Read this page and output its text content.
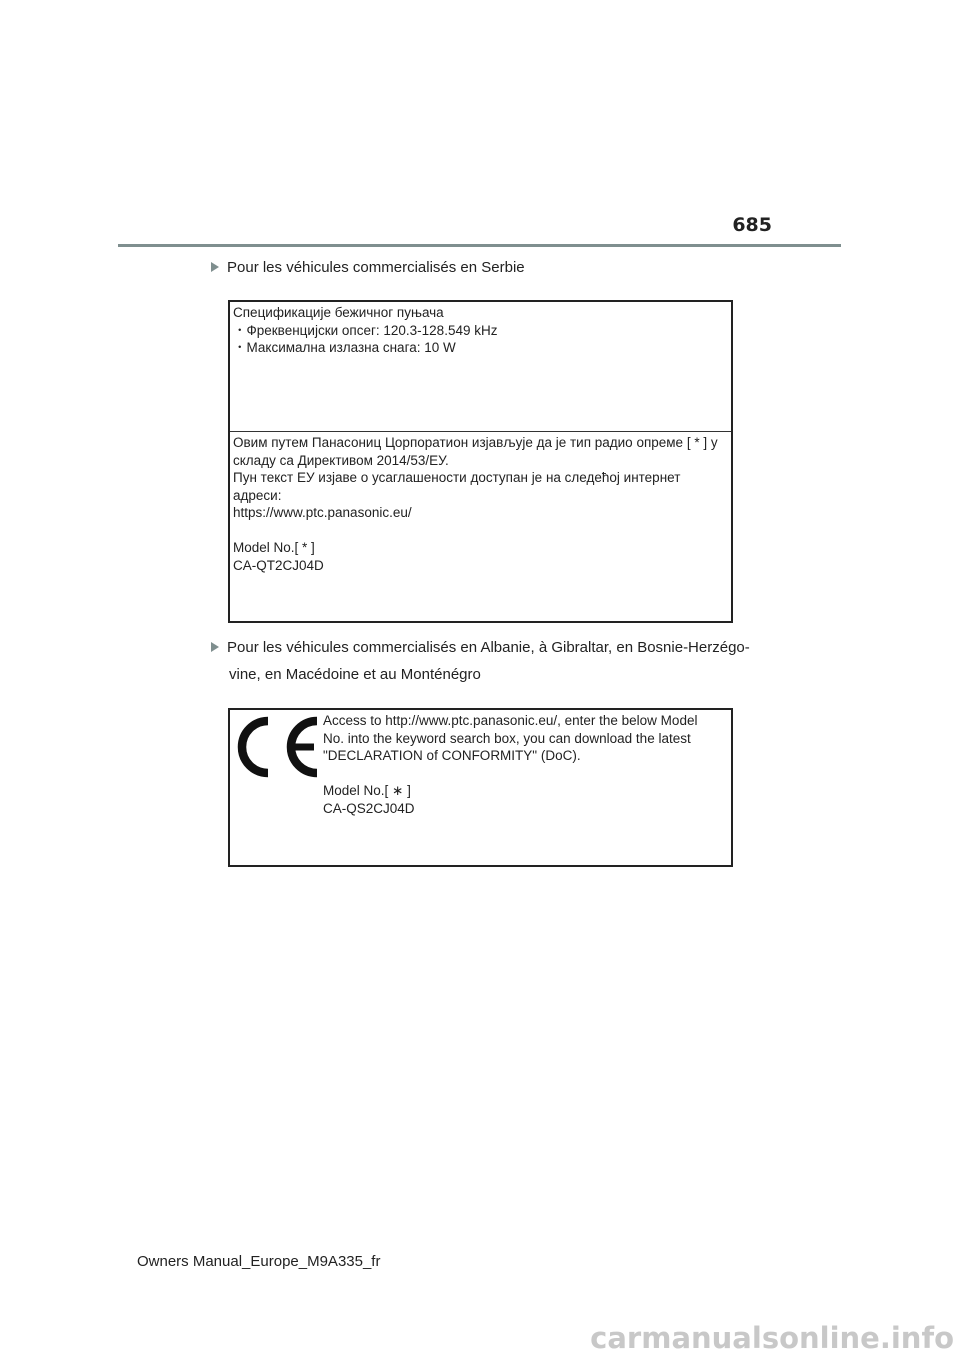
685
Pour les véhicules commercialisés en Serbie
Спецификације бежичног пуњача
・Фреквенцијски опсег: 120.3-128.549 kHz
・Максимална излазна снага: 10 W
Овим путем Панасониц Цорпоратион изјављује да је тип радио опреме [ * ] у
складу са Директивом 2014/53/ЕУ.
Пун текст ЕУ изјаве о усаглашености доступан је на следећој интернет
адреси:
https://www.ptc.panasonic.eu/
Model No.[ * ]
CA-QT2CJ04D
Pour les véhicules commercialisés en Albanie, à Gibraltar, en Bosnie-Herzégo-
vine, en Macédoine et au Monténégro
Access to http://www.ptc.panasonic.eu/, enter the below Model
No. into the keyword search box, you can download the latest
"DECLARATION of CONFORMITY" (DoC).
Model No.[ ∗ ]
CA-QS2CJ04D
Owners Manual_Europe_M9A335_fr
carmanualsonline.info
